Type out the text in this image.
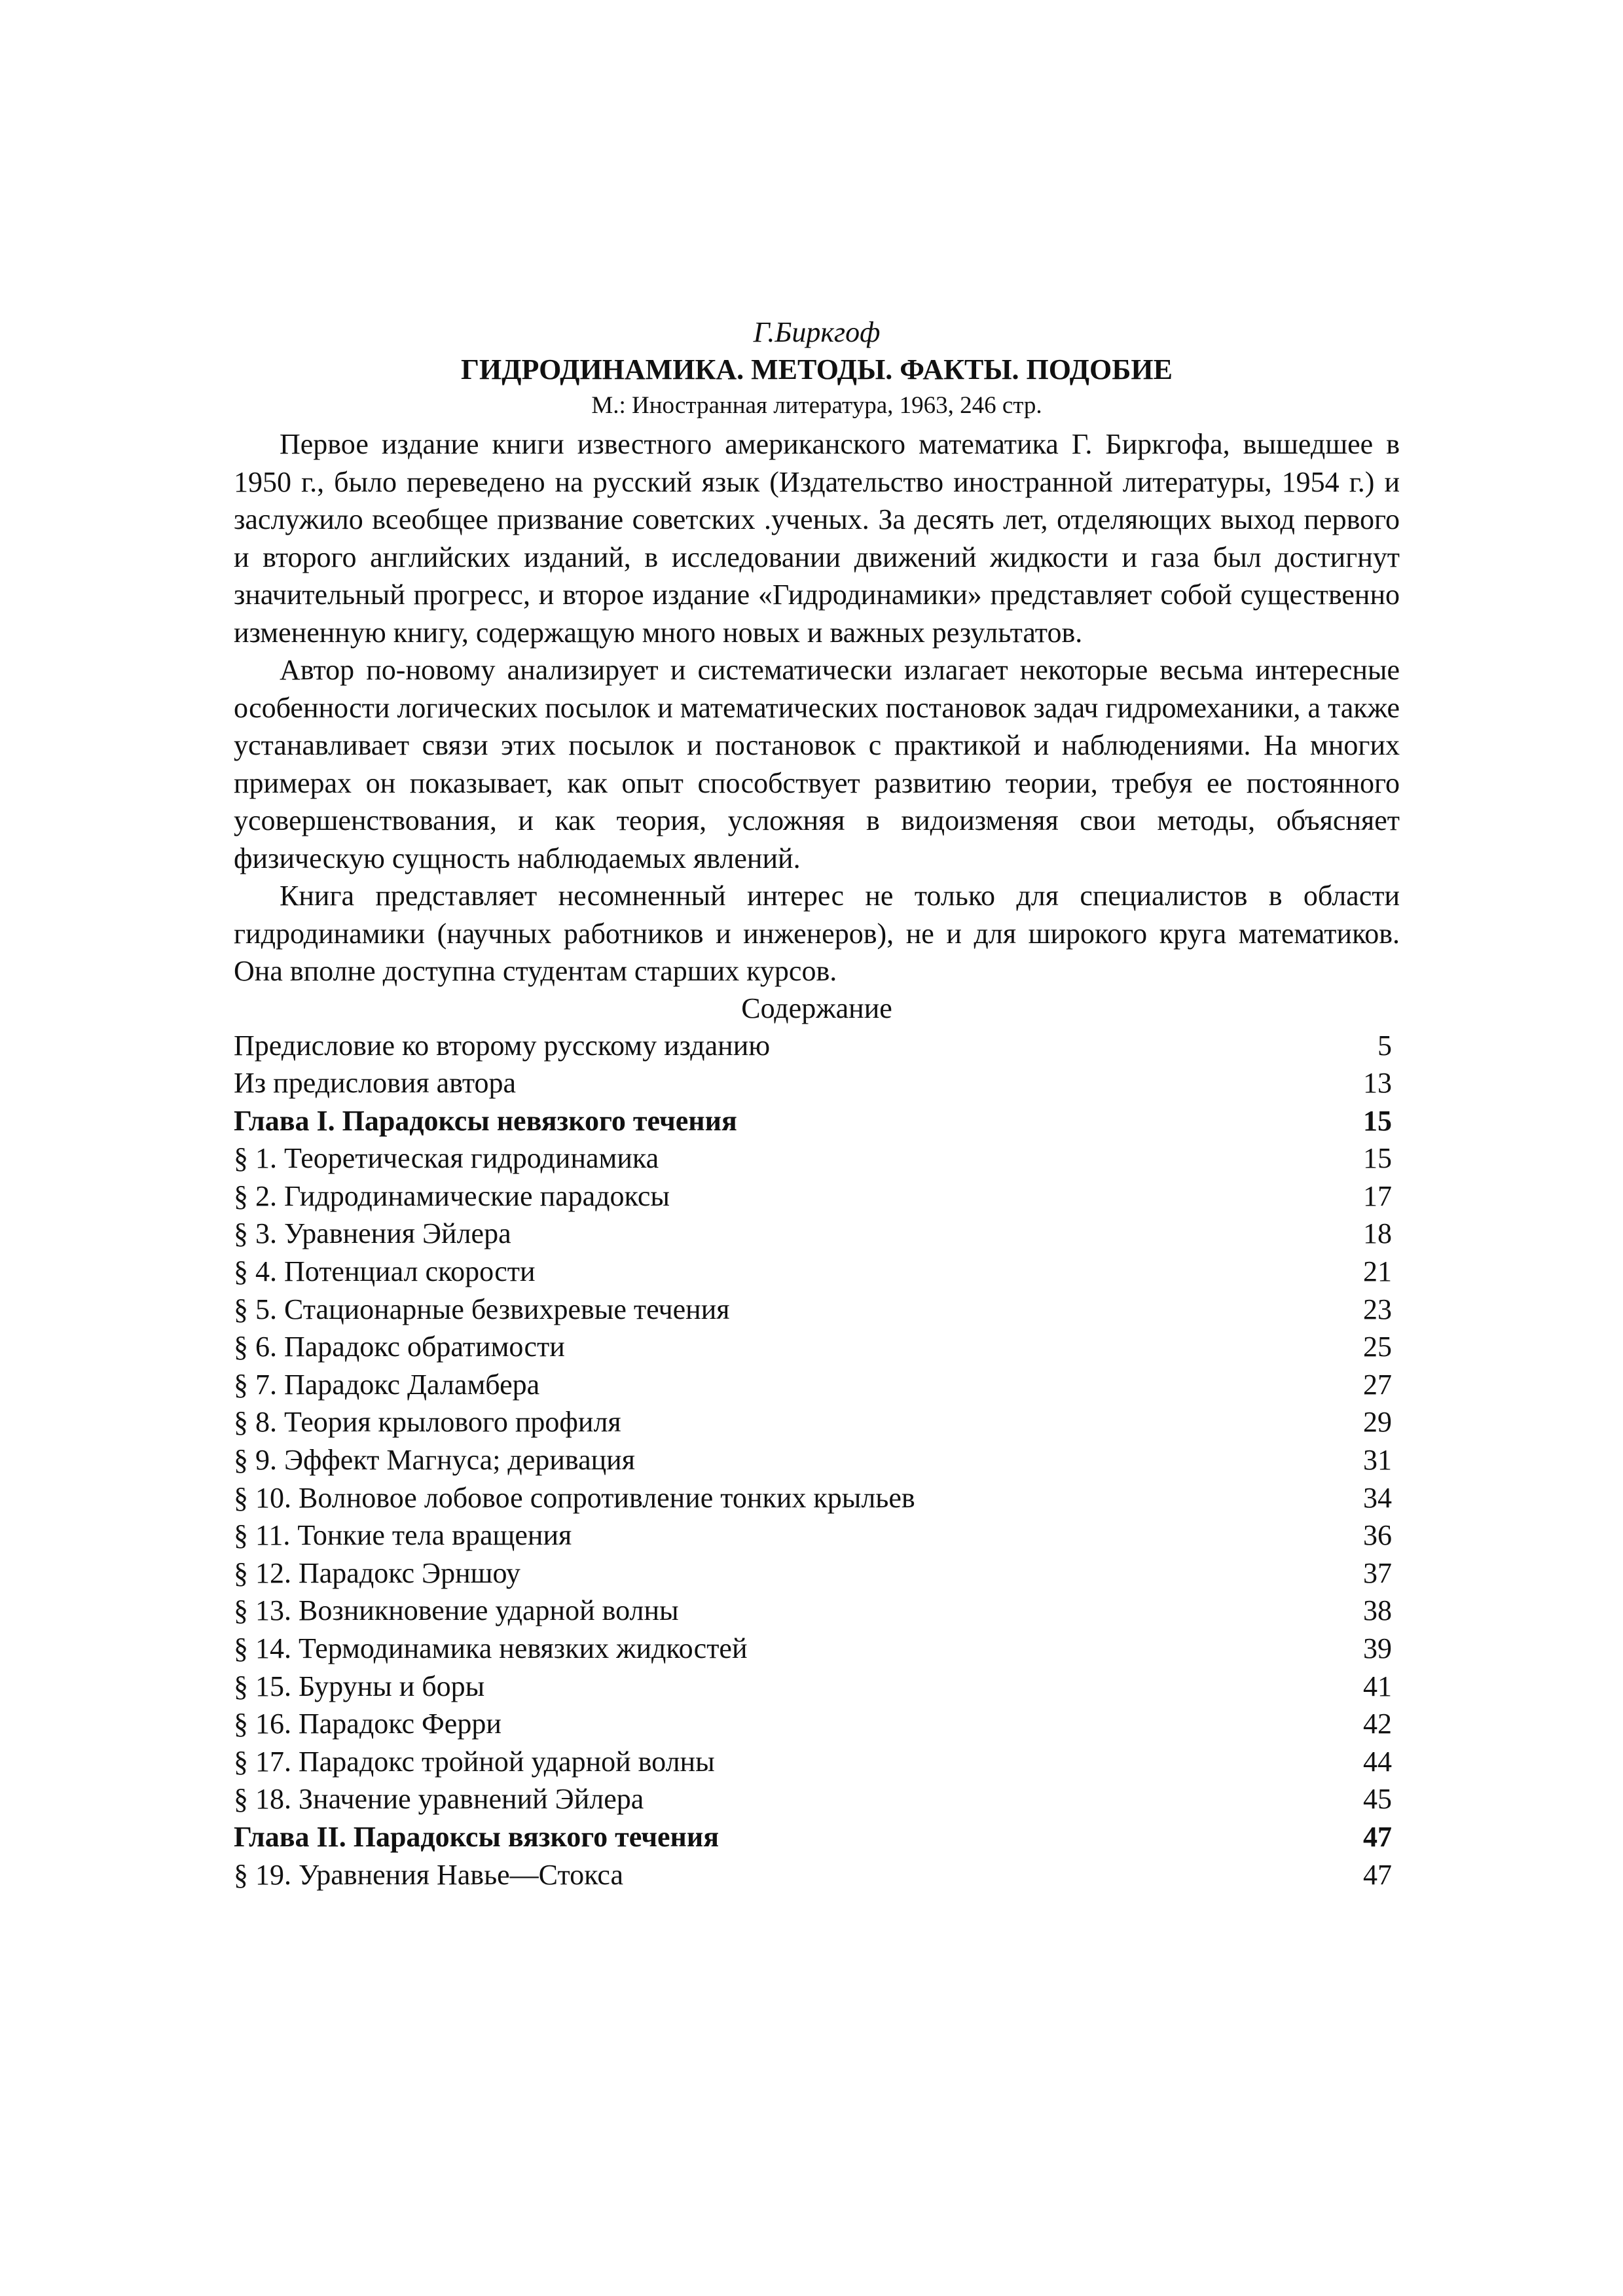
Г.Биркгоф

ГИДРОДИНАМИКА. МЕТОДЫ. ФАКТЫ. ПОДОБИЕ

М.: Иностранная литература, 1963, 246 стр.

Первое издание книги известного американского математика Г. Биркгофа, вышедшее в 1950 г., было переведено на русский язык (Издательство иностранной литературы, 1954 г.) и заслужило всеобщее призвание советских .ученых. За десять лет, отделяющих выход первого и второго английских изданий, в исследовании движений жидкости и газа был достигнут значительный прогресс, и второе издание «Гидродинамики» представляет собой существенно измененную книгу, содержащую много новых и важных результатов.

Автор по-новому анализирует и систематически излагает некоторые весьма интересные особенности логических посылок и математических постановок задач гидромеханики, а также устанавливает связи этих посылок и постановок с практикой и наблюдениями. На многих примерах он показывает, как опыт способствует развитию теории, требуя ее постоянного усовершенствования, и как теория, усложняя в видоизменяя свои методы, объясняет физическую сущность наблюдаемых явлений.

Книга представляет несомненный интерес не только для специалистов в области гидродинамики (научных работников и инженеров), не и для широкого круга математиков. Она вполне доступна студентам старших курсов.

Содержание

Предисловие ко второму русскому изданию	5
Из предисловия автора	13
Глава I. Парадоксы невязкого течения	15
§ 1. Теоретическая гидродинамика	15
§ 2. Гидродинамические парадоксы	17
§ 3. Уравнения Эйлера	18
§ 4. Потенциал скорости	21
§ 5. Стационарные безвихревые течения	23
§ 6. Парадокс обратимости	25
§ 7. Парадокс Даламбера	27
§ 8. Теория крылового профиля	29
§ 9. Эффект Магнуса; деривация	31
§ 10. Волновое лобовое сопротивление тонких крыльев	34
§ 11. Тонкие тела вращения	36
§ 12. Парадокс Эрншоу	37
§ 13. Возникновение ударной волны	38
§ 14. Термодинамика невязких жидкостей	39
§ 15. Буруны и боры	41
§ 16. Парадокс Ферри	42
§ 17. Парадокс тройной ударной волны	44
§ 18. Значение уравнений Эйлера	45
Глава II. Парадоксы вязкого течения	47
§ 19. Уравнения Навье—Стокса	47
